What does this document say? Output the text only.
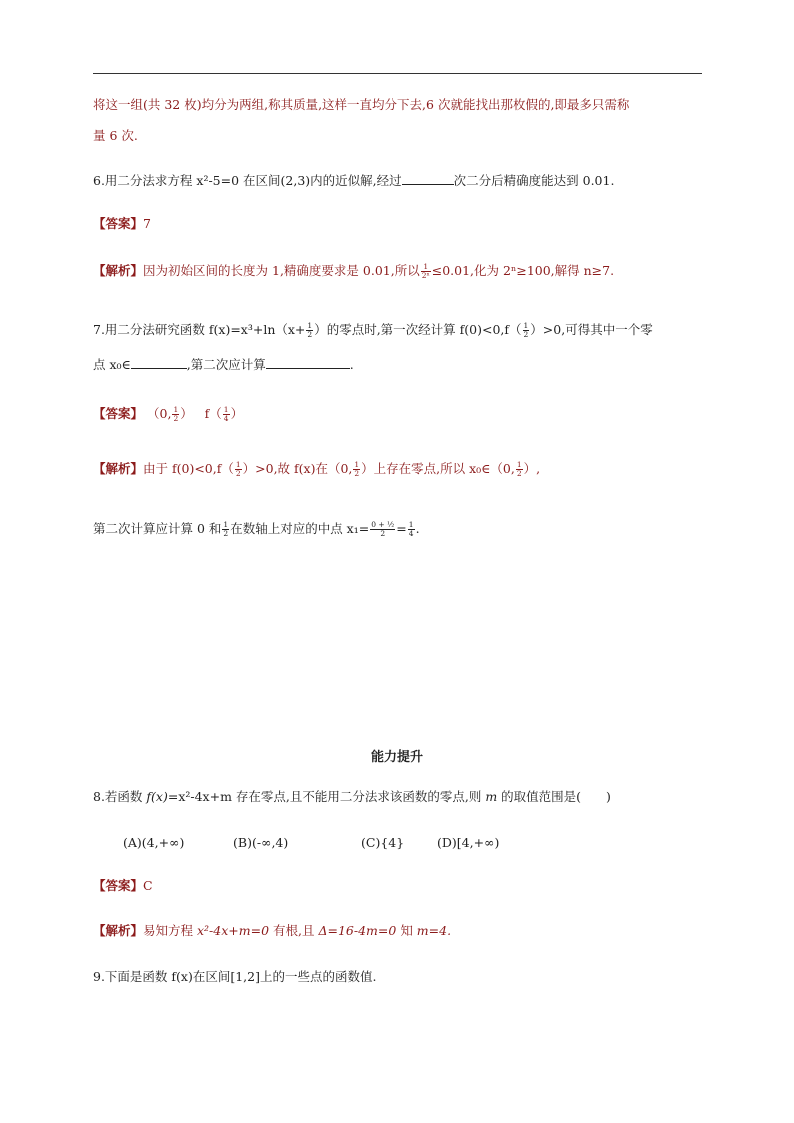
将这一组(共 32 枚)均分为两组,称其质量,这样一直均分下去,6 次就能找出那枚假的,即最多只需称
量 6 次.
6.用二分法求方程 x²-5=0 在区间(2,3)内的近似解,经过	次二分后精确度能达到 0.01.
【答案】7
【解析】因为初始区间的长度为 1,精确度要求是 0.01,所以 $\frac{1}{\text{2ⁿ}} \le 0.01$,化为 2ⁿ≥100,解得 n≥7.
7.用二分法研究函数 $f(x)=x^3+\ln(x+ \frac{1}{2}$ ）的零点时,第一次经计算 $f(0)<0,f( \frac{1}{2} )>0$,可得其中一个零
点 x₀∈	,第二次应计算	.
【答案】 （0, $\frac{1}{2}$ ） $f( \frac{1}{4}$ ）
【解析】由于 $f(0)<0,f( \frac{1}{2} )>0$,故 f(x)在（0, $\frac{1}{2}$ ）上存在零点,所以 x₀∈（0, $\frac{1}{2}$ ）,
第二次计算应计算 0 和 $\frac{1}{2}$ 在数轴上对应的中点 $x_1= \frac{\text{0 + ½}}{2} = \frac{1}{4}$ .
能力提升
8.若函数 f(x)=x²-4x+m 存在零点,且不能用二分法求该函数的零点,则 m 的取值范围是(　　)
(A)(4,+∞)	(B)(-∞,4)	(C){4}	(D)[4,+∞)
【答案】C
【解析】易知方程 x²-4x+m=0 有根,且 Δ=16-4m=0 知 m=4.
9.下面是函数 f(x)在区间[1,2]上的一些点的函数值.
